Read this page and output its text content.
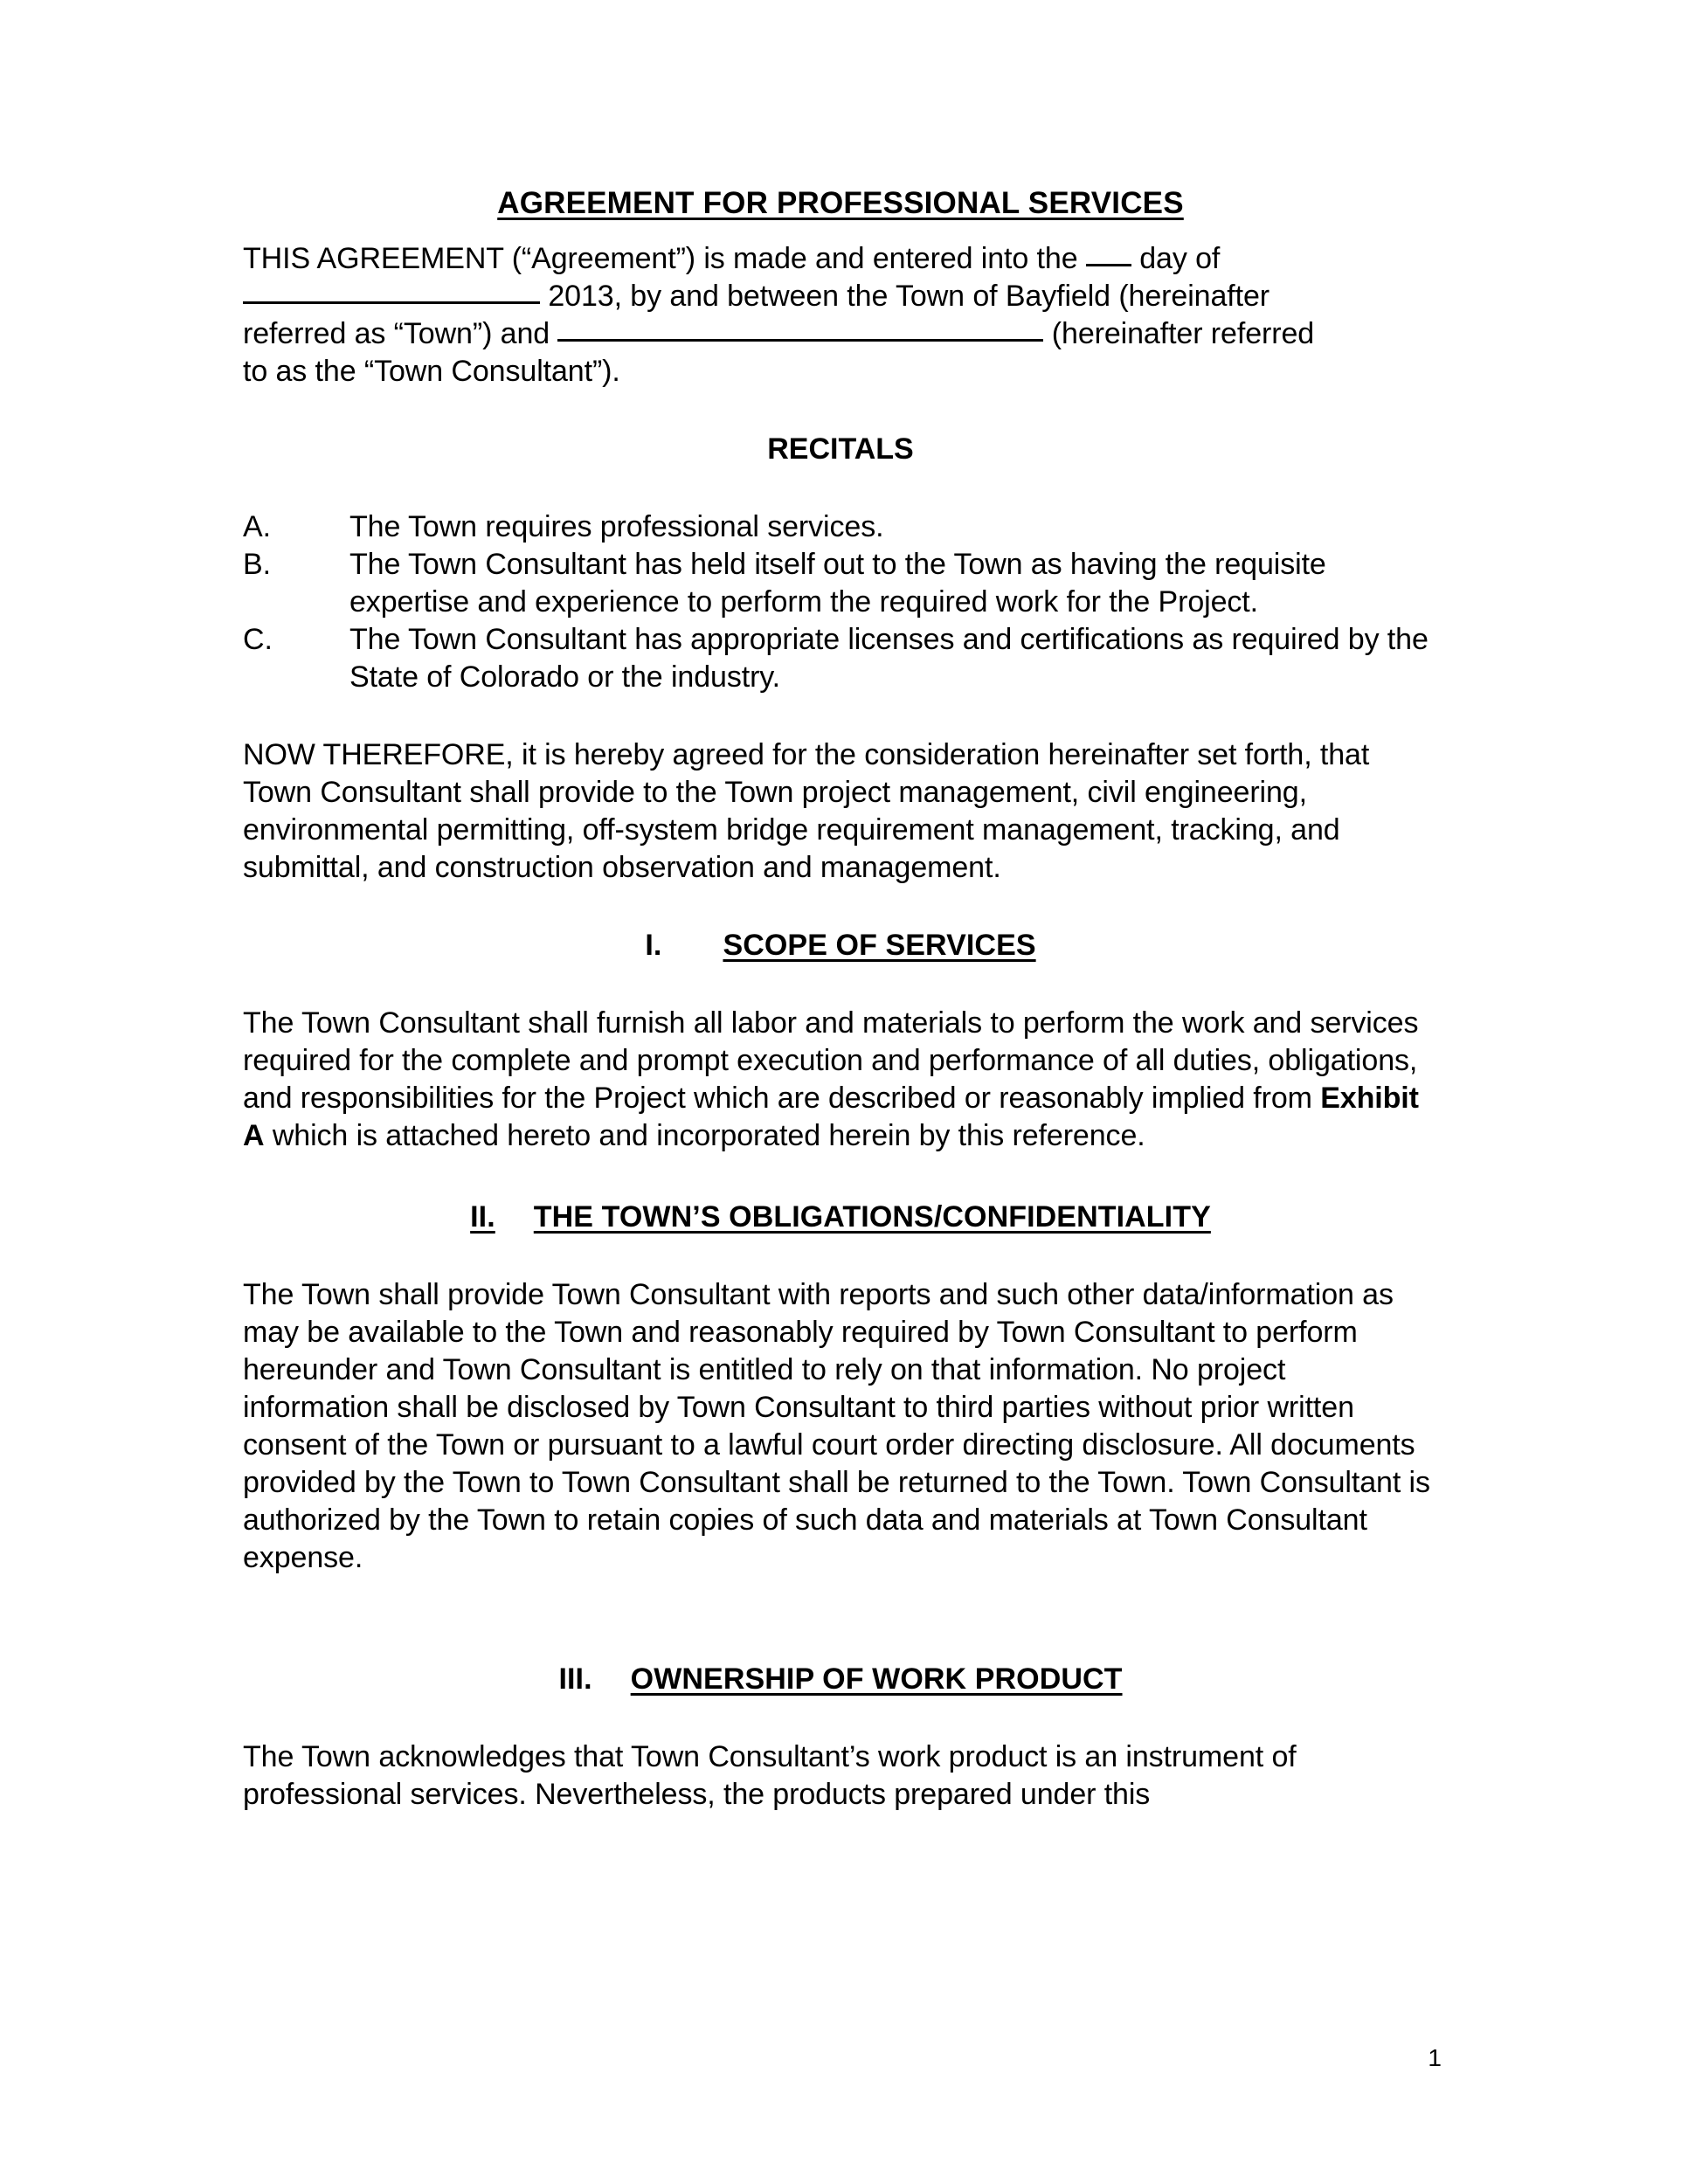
AGREEMENT FOR PROFESSIONAL SERVICES

THIS AGREEMENT (“Agreement”) is made and entered into the day of
2013, by and between the Town of Bayfield (hereinafter
referred as “Town”) and	(hereinafter referred
to as the “Town Consultant”).

RECITALS

A.	The Town requires professional services.
B.	The Town Consultant has held itself out to the Town as having the requisite expertise and experience to perform the required work for the Project.
C.	The Town Consultant has appropriate licenses and certifications as required by the State of Colorado or the industry.

NOW THEREFORE, it is hereby agreed for the consideration hereinafter set forth, that Town Consultant shall provide to the Town project management, civil engineering, environmental permitting, off-system bridge requirement management, tracking, and submittal, and construction observation and management.

I. SCOPE OF SERVICES

The Town Consultant shall furnish all labor and materials to perform the work and services required for the complete and prompt execution and performance of all duties, obligations, and responsibilities for the Project which are described or reasonably implied from Exhibit A which is attached hereto and incorporated herein by this reference.

II. THE TOWN’S OBLIGATIONS/CONFIDENTIALITY

The Town shall provide Town Consultant with reports and such other data/information as may be available to the Town and reasonably required by Town Consultant to perform hereunder and Town Consultant is entitled to rely on that information. No project information shall be disclosed by Town Consultant to third parties without prior written consent of the Town or pursuant to a lawful court order directing disclosure. All documents provided by the Town to Town Consultant shall be returned to the Town. Town Consultant is authorized by the Town to retain copies of such data and materials at Town Consultant expense.

III. OWNERSHIP OF WORK PRODUCT

The Town acknowledges that Town Consultant’s work product is an instrument of professional services. Nevertheless, the products prepared under this

1
